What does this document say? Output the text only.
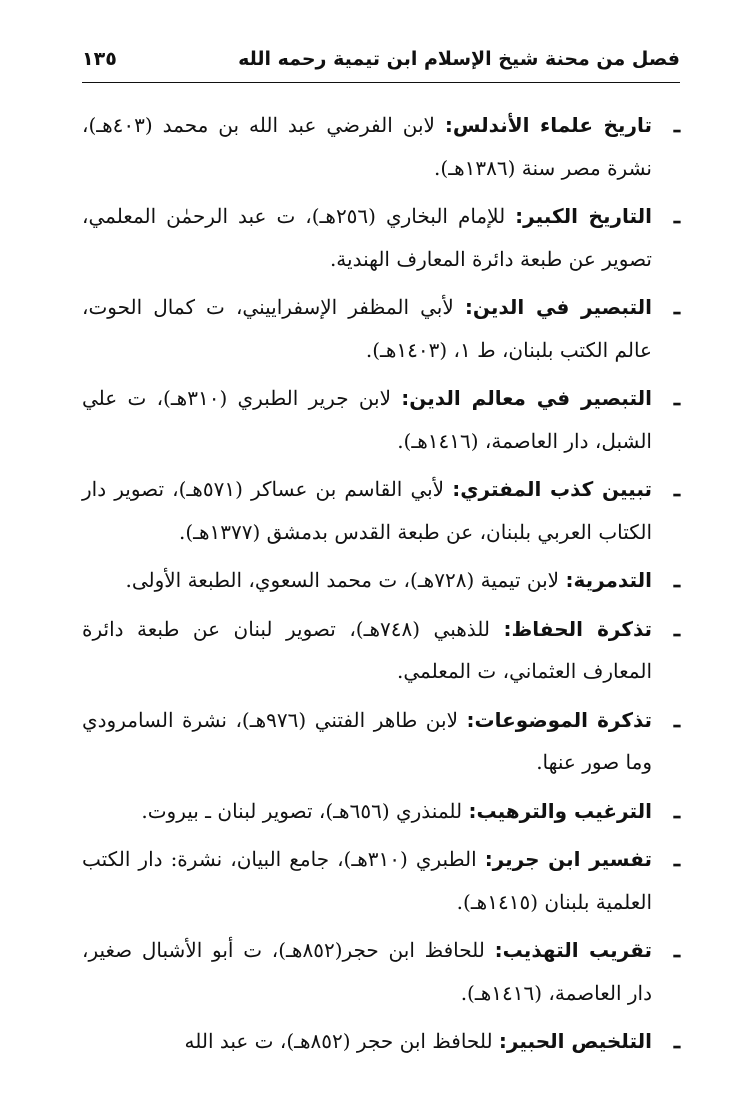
فصل من محنة شيخ الإسلام ابن تيمية رحمه الله
١٣٥
ـ
تاريخ علماء الأندلس: لابن الفرضي عبد الله بن محمد (٤٠٣هـ)، نشرة مصر سنة (١٣٨٦هـ).
ـ
التاريخ الكبير: للإمام البخاري (٢٥٦هـ)، ت عبد الرحمٰن المعلمي، تصوير عن طبعة دائرة المعارف الهندية.
ـ
التبصير في الدين: لأبي المظفر الإسفراييني، ت كمال الحوت، عالم الكتب بلبنان، ط ١، (١٤٠٣هـ).
ـ
التبصير في معالم الدين: لابن جرير الطبري (٣١٠هـ)، ت علي الشبل، دار العاصمة، (١٤١٦هـ).
ـ
تبيين كذب المفتري: لأبي القاسم بن عساكر (٥٧١هـ)، تصوير دار الكتاب العربي بلبنان، عن طبعة القدس بدمشق (١٣٧٧هـ).
ـ
التدمرية: لابن تيمية (٧٢٨هـ)، ت محمد السعوي، الطبعة الأولى.
ـ
تذكرة الحفاظ: للذهبي (٧٤٨هـ)، تصوير لبنان عن طبعة دائرة المعارف العثماني، ت المعلمي.
ـ
تذكرة الموضوعات: لابن طاهر الفتني (٩٧٦هـ)، نشرة السامرودي وما صور عنها.
ـ
الترغيب والترهيب: للمنذري (٦٥٦هـ)، تصوير لبنان ـ بيروت.
ـ
تفسير ابن جرير: الطبري (٣١٠هـ)، جامع البيان، نشرة: دار الكتب العلمية بلبنان (١٤١٥هـ).
ـ
تقريب التهذيب: للحافظ ابن حجر(٨٥٢هـ)، ت أبو الأشبال صغير، دار العاصمة، (١٤١٦هـ).
ـ
التلخيص الحبير: للحافظ ابن حجر (٨٥٢هـ)، ت عبد الله
